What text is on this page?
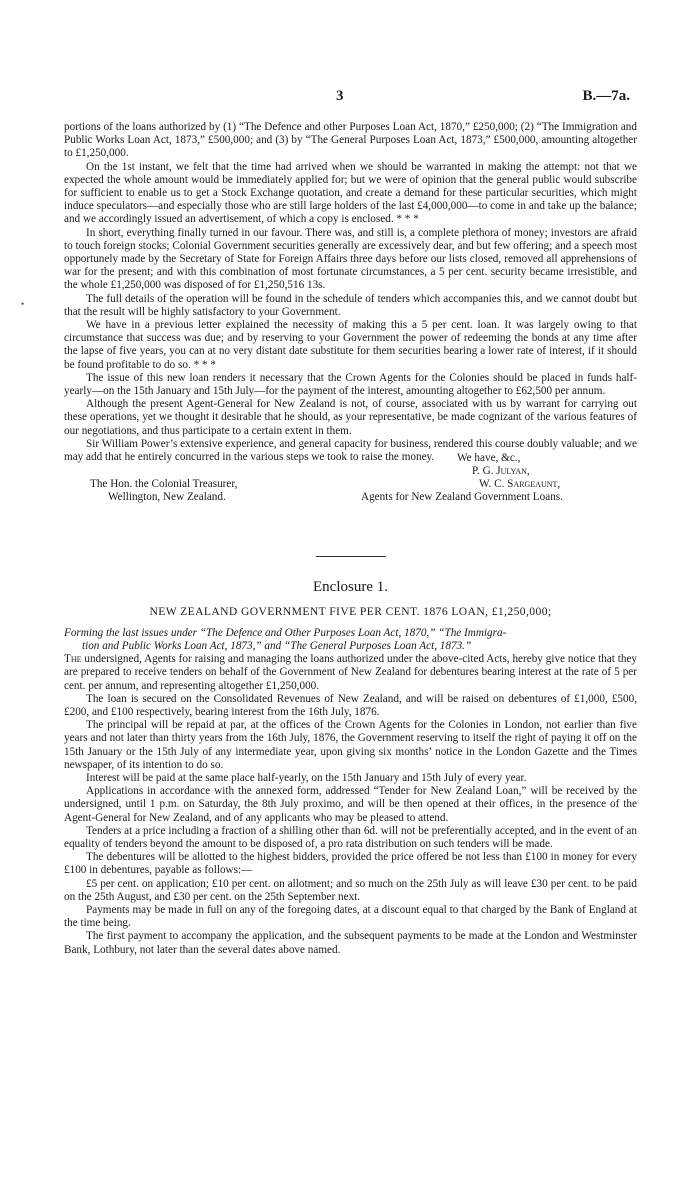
3	B.—7a.
•

portions of the loans authorized by (1) “The Defence and other Purposes Loan Act, 1870,” £250,000; (2) “The Immigration and Public Works Loan Act, 1873,” £500,000; and (3) by “The General Purposes Loan Act, 1873,” £500,000, amounting altogether to £1,250,000.

On the 1st instant, we felt that the time had arrived when we should be warranted in making the attempt: not that we expected the whole amount would be immediately applied for; but we were of opinion that the general public would subscribe for sufficient to enable us to get a Stock Exchange quotation, and create a demand for these particular securities, which might induce speculators—and especially those who are still large holders of the last £4,000,000—to come in and take up the balance; and we accordingly issued an advertisement, of which a copy is enclosed. * * *

In short, everything finally turned in our favour. There was, and still is, a complete plethora of money; investors are afraid to touch foreign stocks; Colonial Government securities generally are excessively dear, and but few offering; and a speech most opportunely made by the Secretary of State for Foreign Affairs three days before our lists closed, removed all apprehensions of war for the present; and with this combination of most fortunate circumstances, a 5 per cent. security became irresistible, and the whole £1,250,000 was disposed of for £1,250,516 13s.

The full details of the operation will be found in the schedule of tenders which accompanies this, and we cannot doubt but that the result will be highly satisfactory to your Government.

We have in a previous letter explained the necessity of making this a 5 per cent. loan. It was largely owing to that circumstance that success was due; and by reserving to your Government the power of redeeming the bonds at any time after the lapse of five years, you can at no very distant date substitute for them securities bearing a lower rate of interest, if it should be found profitable to do so. * * *

The issue of this new loan renders it necessary that the Crown Agents for the Colonies should be placed in funds half-yearly—on the 15th January and 15th July—for the payment of the interest, amounting altogether to £62,500 per annum.

Although the present Agent-General for New Zealand is not, of course, associated with us by warrant for carrying out these operations, yet we thought it desirable that he should, as your representative, be made cognizant of the various features of our negotiations, and thus participate to a certain extent in them.

Sir William Power’s extensive experience, and general capacity for business, rendered this course doubly valuable; and we may add that he entirely concurred in the various steps we took to raise the money.	We have, &c.,
P. G. Julyan,
W. C. Sargeaunt,
Agents for New Zealand Government Loans.
The Hon. the Colonial Treasurer,
Wellington, New Zealand.
Enclosure 1.
NEW ZEALAND GOVERNMENT FIVE PER CENT. 1876 LOAN, £1,250,000;

Forming the last issues under “The Defence and Other Purposes Loan Act, 1870,” “The Immigra-
tion and Public Works Loan Act, 1873,” and “The General Purposes Loan Act, 1873.”

The undersigned, Agents for raising and managing the loans authorized under the above-cited Acts, hereby give notice that they are prepared to receive tenders on behalf of the Government of New Zealand for debentures bearing interest at the rate of 5 per cent. per annum, and representing altogether £1,250,000.

The loan is secured on the Consolidated Revenues of New Zealand, and will be raised on debentures of £1,000, £500, £200, and £100 respectively, bearing interest from the 16th July, 1876.

The principal will be repaid at par, at the offices of the Crown Agents for the Colonies in London, not earlier than five years and not later than thirty years from the 16th July, 1876, the Government reserving to itself the right of paying it off on the 15th January or the 15th July of any intermediate year, upon giving six months’ notice in the London Gazette and the Times newspaper, of its intention to do so.

Interest will be paid at the same place half-yearly, on the 15th January and 15th July of every year.

Applications in accordance with the annexed form, addressed “Tender for New Zealand Loan,” will be received by the undersigned, until 1 p.m. on Saturday, the 8th July proximo, and will be then opened at their offices, in the presence of the Agent-General for New Zealand, and of any applicants who may be pleased to attend.

Tenders at a price including a fraction of a shilling other than 6d. will not be preferentially accepted, and in the event of an equality of tenders beyond the amount to be disposed of, a pro rata distribution on such tenders will be made.

The debentures will be allotted to the highest bidders, provided the price offered be not less than £100 in money for every £100 in debentures, payable as follows:—

£5 per cent. on application; £10 per cent. on allotment; and so much on the 25th July as will leave £30 per cent. to be paid on the 25th August, and £30 per cent. on the 25th September next.

Payments may be made in full on any of the foregoing dates, at a discount equal to that charged by the Bank of England at the time being.

The first payment to accompany the application, and the subsequent payments to be made at the London and Westminster Bank, Lothbury, not later than the several dates above named.
